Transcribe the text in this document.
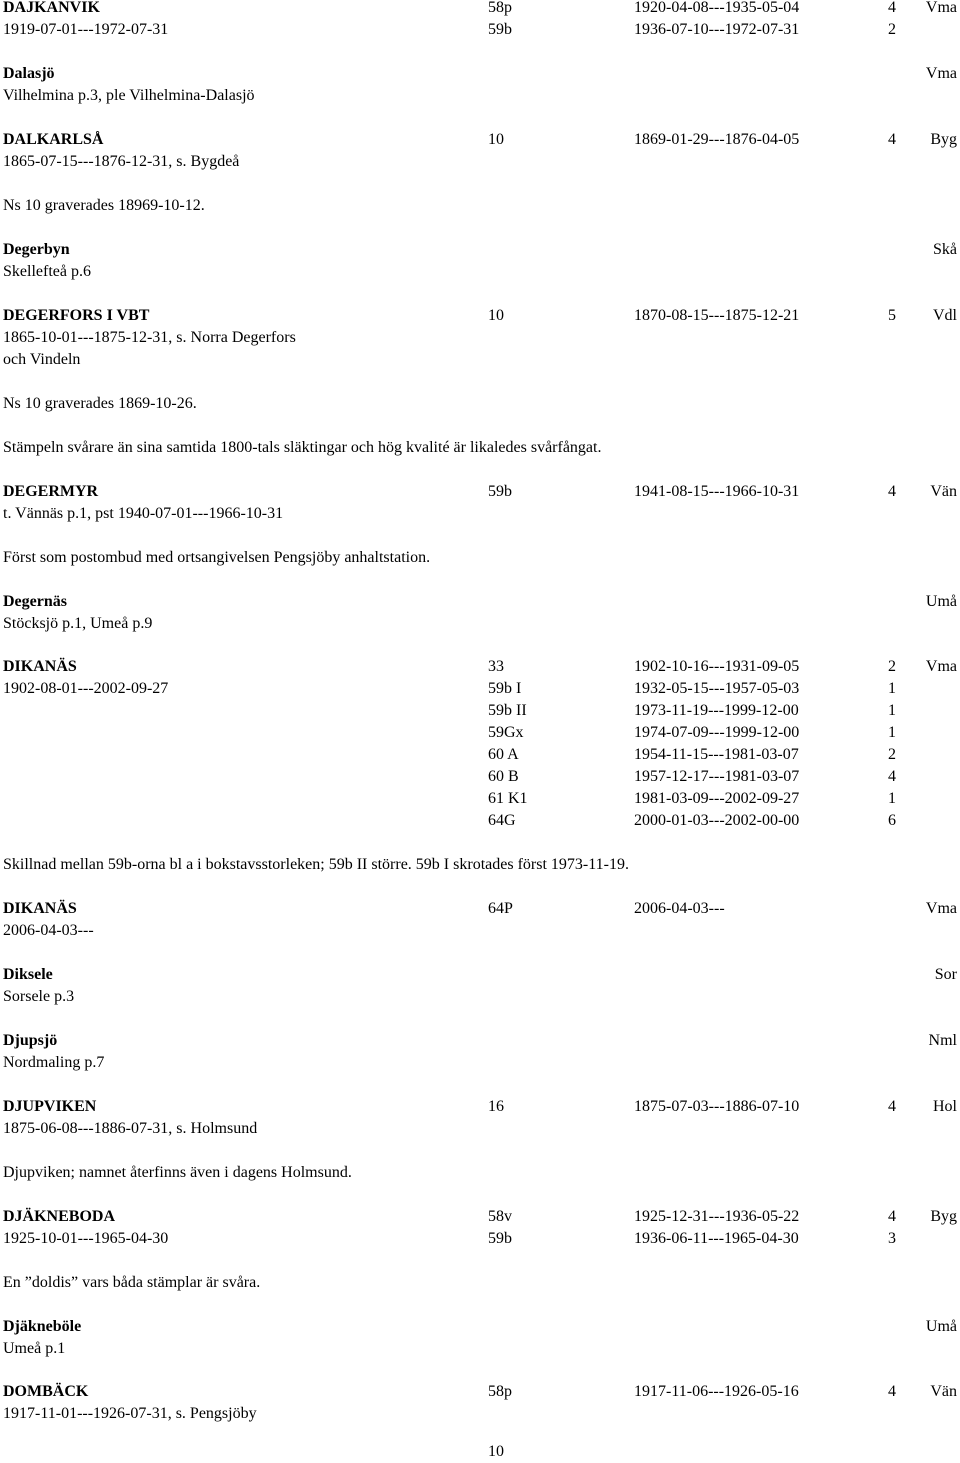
DAJKANVIK	58p	1920-04-08---1935-05-04	4 Vma
1919-07-01---1972-07-31	59b	1936-07-10---1972-07-31	2
Dalasjö	Vma
Vilhelmina p.3, ple Vilhelmina-Dalasjö
DALKARLSÅ	10	1869-01-29---1876-04-05	4 Byg
1865-07-15---1876-12-31, s. Bygdeå
Ns 10 graverades 18969-10-12.
Degerbyn	Skå
Skellefteå p.6
DEGERFORS I VBT	10	1870-08-15---1875-12-21	5 Vdl
1865-10-01---1875-12-31, s. Norra Degerfors
och Vindeln
Ns 10 graverades 1869-10-26.
Stämpeln svårare än sina samtida 1800-tals släktingar och hög kvalité är likaledes svårfångat.
DEGERMYR	59b	1941-08-15---1966-10-31	4 Vän
t. Vännäs p.1, pst 1940-07-01---1966-10-31
Först som postombud med ortsangivelsen Pengsjöby anhaltstation.
Degernäs	Umå
Stöcksjö p.1, Umeå p.9
DIKANÄS	33	1902-10-16---1931-09-05	2 Vma
1902-08-01---2002-09-27	59b I	1932-05-15---1957-05-03	1
59b II	1973-11-19---1999-12-00	1
59Gx	1974-07-09---1999-12-00	1
60 A	1954-11-15---1981-03-07	2
60 B	1957-12-17---1981-03-07	4
61 K1	1981-03-09---2002-09-27	1
64G	2000-01-03---2002-00-00	6
Skillnad mellan 59b-orna bl a i bokstavsstorleken; 59b II större. 59b I skrotades först 1973-11-19.
DIKANÄS	64P	2006-04-03---	Vma
2006-04-03---
Diksele	Sor
Sorsele p.3
Djupsjö	Nml
Nordmaling p.7
DJUPVIKEN	16	1875-07-03---1886-07-10	4 Hol
1875-06-08---1886-07-31, s. Holmsund
Djupviken; namnet återfinns även i dagens Holmsund.
DJÄKNEBODA	58v	1925-12-31---1936-05-22	4 Byg
1925-10-01---1965-04-30	59b	1936-06-11---1965-04-30	3
En ”doldis” vars båda stämplar är svåra.
Djäkneböle	Umå
Umeå p.1
DOMBÄCK	58p	1917-11-06---1926-05-16	4 Vän
1917-11-01---1926-07-31, s. Pengsjöby
10
